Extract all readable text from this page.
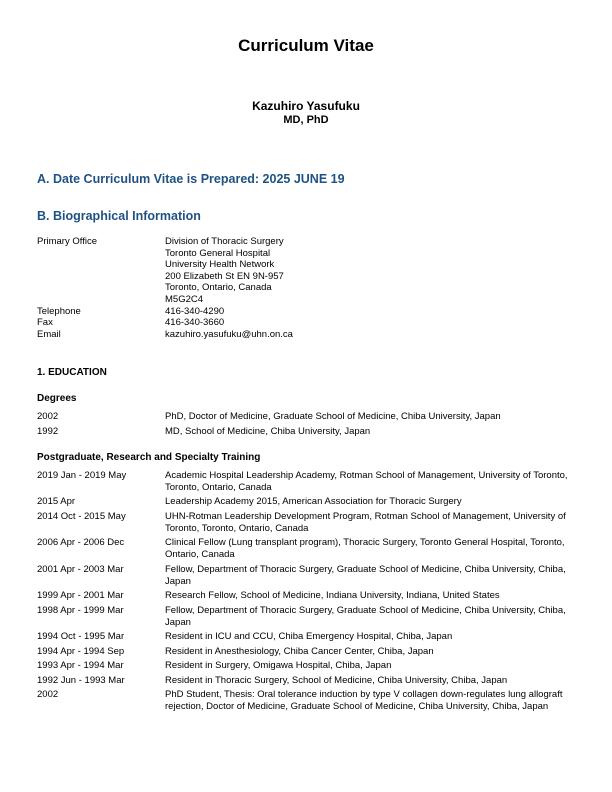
Curriculum Vitae
Kazuhiro Yasufuku
MD, PhD
A. Date Curriculum Vitae is Prepared: 2025 JUNE 19
B. Biographical Information
Primary Office	Division of Thoracic Surgery
Toronto General Hospital
University Health Network
200 Elizabeth St EN 9N-957
Toronto, Ontario, Canada
M5G2C4
Telephone	416-340-4290
Fax	416-340-3660
Email	kazuhiro.yasufuku@uhn.on.ca
1. EDUCATION
Degrees
2002	PhD, Doctor of Medicine, Graduate School of Medicine, Chiba University, Japan
1992	MD, School of Medicine, Chiba University, Japan
Postgraduate, Research and Specialty Training
2019 Jan - 2019 May	Academic Hospital Leadership Academy, Rotman School of Management, University of Toronto, Toronto, Ontario, Canada
2015 Apr	Leadership Academy 2015, American Association for Thoracic Surgery
2014 Oct - 2015 May	UHN-Rotman Leadership Development Program, Rotman School of Management, University of Toronto, Toronto, Ontario, Canada
2006 Apr - 2006 Dec	Clinical Fellow (Lung transplant program), Thoracic Surgery, Toronto General Hospital, Toronto, Ontario, Canada
2001 Apr - 2003 Mar	Fellow, Department of Thoracic Surgery, Graduate School of Medicine, Chiba University, Chiba, Japan
1999 Apr - 2001 Mar	Research Fellow, School of Medicine, Indiana University, Indiana, United States
1998 Apr - 1999 Mar	Fellow, Department of Thoracic Surgery, Graduate School of Medicine, Chiba University, Chiba, Japan
1994 Oct - 1995 Mar	Resident in ICU and CCU, Chiba Emergency Hospital, Chiba, Japan
1994 Apr - 1994 Sep	Resident in Anesthesiology, Chiba Cancer Center, Chiba, Japan
1993 Apr - 1994 Mar	Resident in Surgery, Omigawa Hospital, Chiba, Japan
1992 Jun - 1993 Mar	Resident in Thoracic Surgery, School of Medicine, Chiba University, Chiba, Japan
2002	PhD Student, Thesis: Oral tolerance induction by type V collagen down-regulates lung allograft rejection, Doctor of Medicine, Graduate School of Medicine, Chiba University, Chiba, Japan
